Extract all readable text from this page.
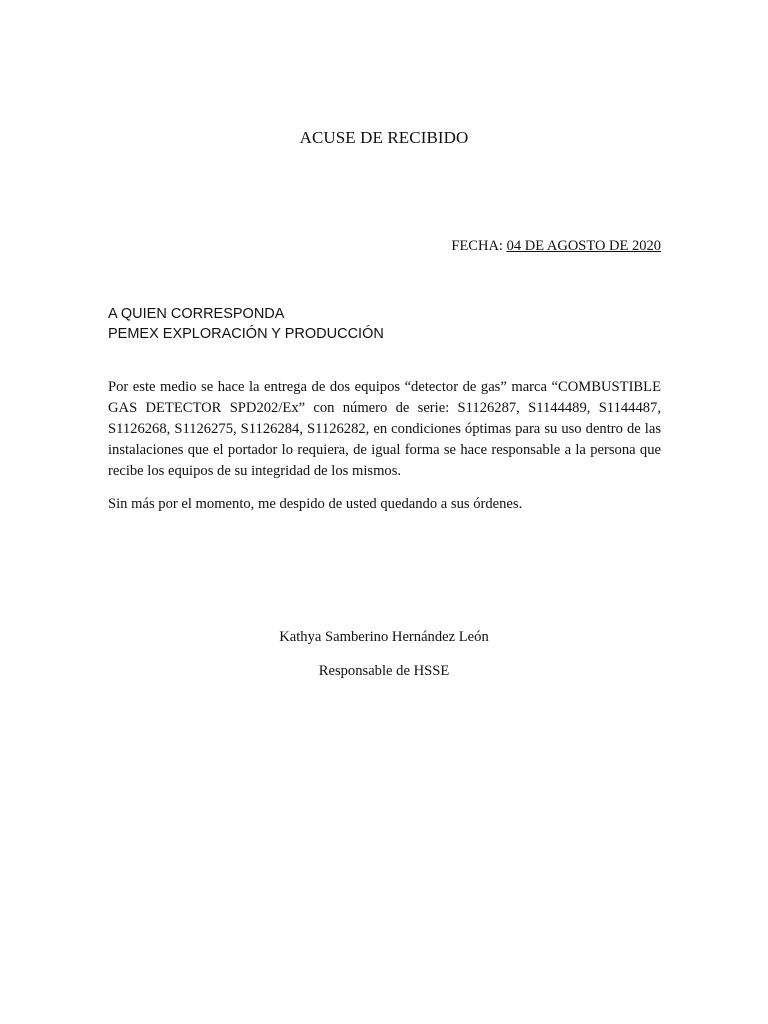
ACUSE DE RECIBIDO
FECHA: 04 DE AGOSTO DE 2020
A QUIEN CORRESPONDA
PEMEX EXPLORACIÓN Y PRODUCCIÓN

Por este medio se hace la entrega de dos equipos “detector de gas” marca “COMBUSTIBLE GAS DETECTOR SPD202/Ex” con número de serie: S1126287, S1144489, S1144487, S1126268, S1126275, S1126284, S1126282, en condiciones óptimas para su uso dentro de las instalaciones que el portador lo requiera, de igual forma se hace responsable a la persona que recibe los equipos de su integridad de los mismos.

Sin más por el momento, me despido de usted quedando a sus órdenes.
Kathya Samberino Hernández León
Responsable de HSSE
